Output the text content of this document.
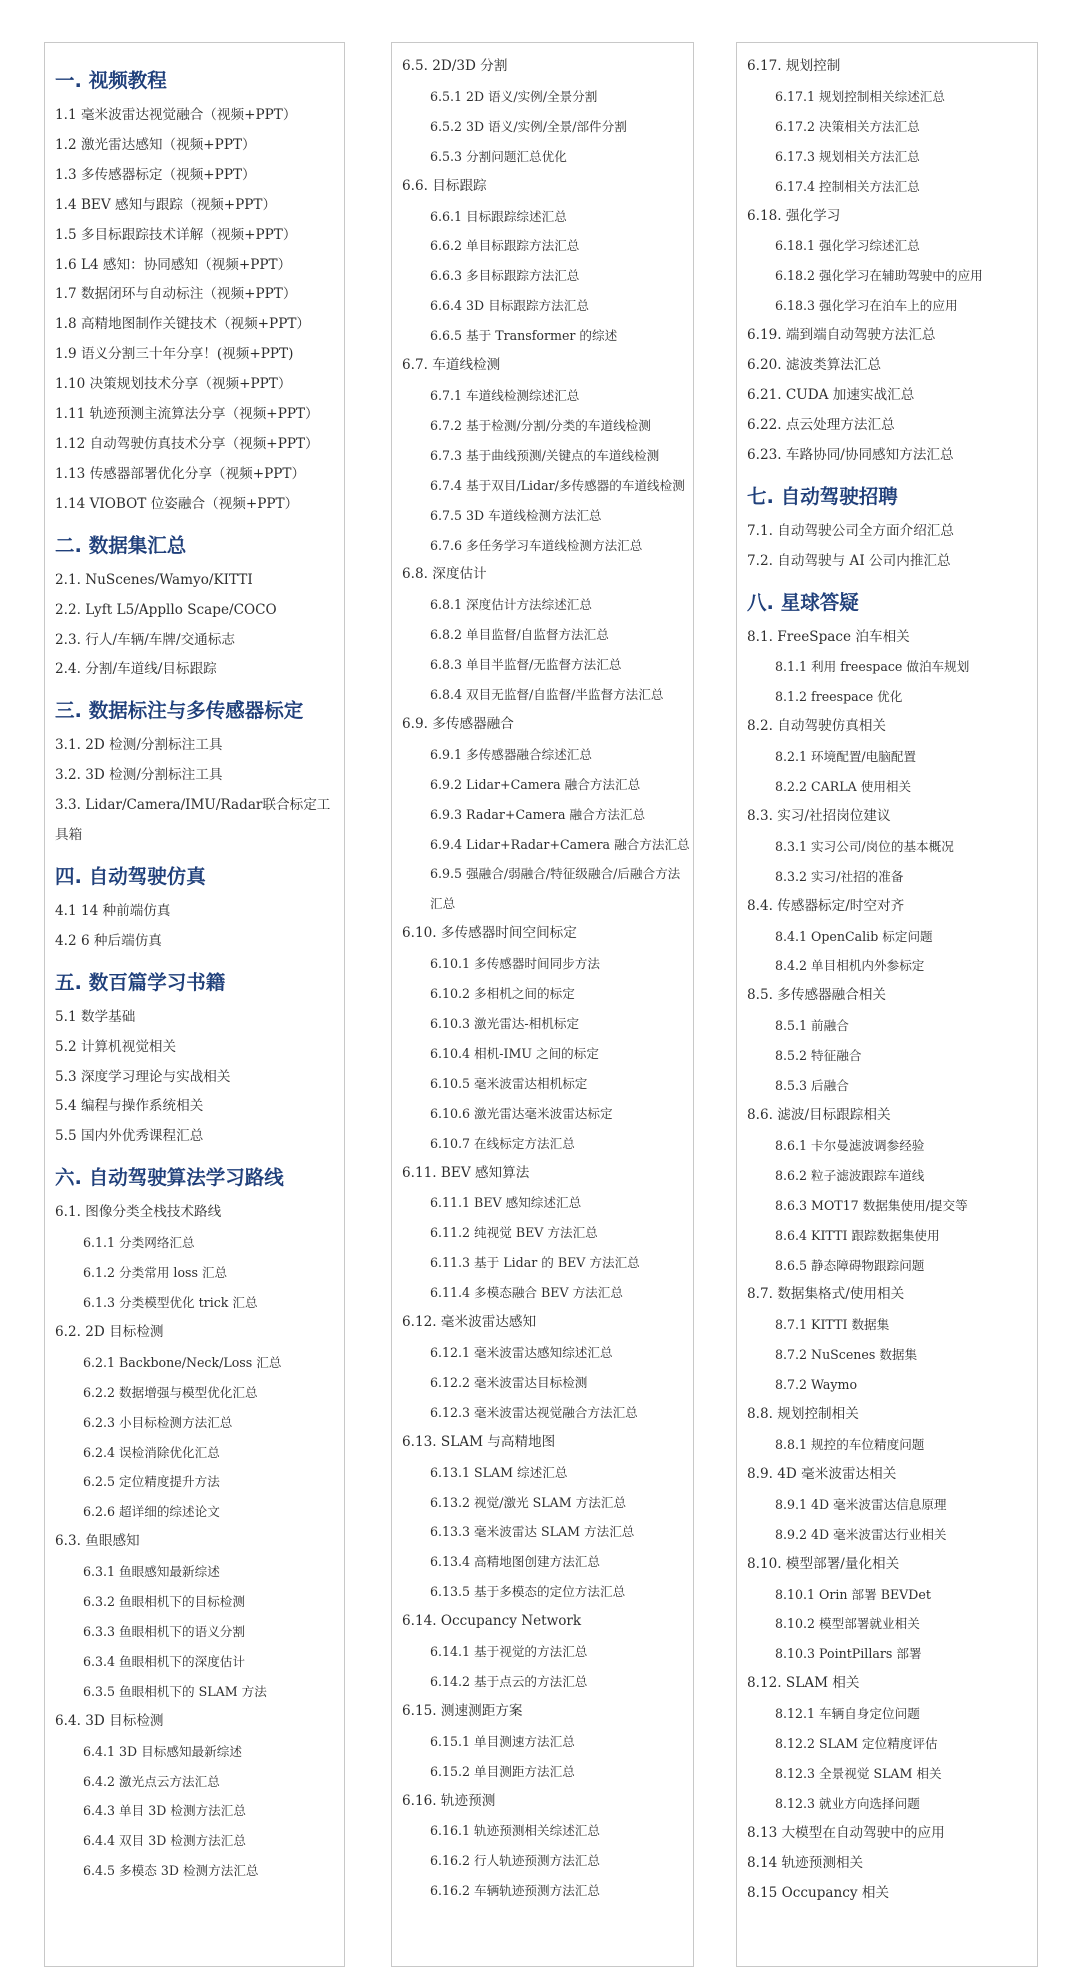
一. 视频教程
1.1 毫米波雷达视觉融合（视频+PPT）
1.2 激光雷达感知（视频+PPT）
1.3 多传感器标定（视频+PPT）
1.4 BEV 感知与跟踪（视频+PPT）
1.5 多目标跟踪技术详解（视频+PPT）
1.6 L4 感知：协同感知（视频+PPT）
1.7 数据闭环与自动标注（视频+PPT）
1.8 高精地图制作关键技术（视频+PPT）
1.9 语义分割三十年分享！(视频+PPT)
1.10 决策规划技术分享（视频+PPT）
1.11 轨迹预测主流算法分享（视频+PPT）
1.12 自动驾驶仿真技术分享（视频+PPT）
1.13 传感器部署优化分享（视频+PPT）
1.14 VIOBOT 位姿融合（视频+PPT）
二. 数据集汇总
2.1. NuScenes/Wamyo/KITTI
2.2. Lyft L5/Appllo Scape/COCO
2.3. 行人/车辆/车牌/交通标志
2.4. 分割/车道线/目标跟踪
三. 数据标注与多传感器标定
3.1. 2D 检测/分割标注工具
3.2. 3D 检测/分割标注工具
3.3. Lidar/Camera/IMU/Radar联合标定工具箱
四. 自动驾驶仿真
4.1 14 种前端仿真
4.2 6 种后端仿真
五. 数百篇学习书籍
5.1 数学基础
5.2 计算机视觉相关
5.3 深度学习理论与实战相关
5.4 编程与操作系统相关
5.5 国内外优秀课程汇总
六. 自动驾驶算法学习路线
6.1. 图像分类全栈技术路线
6.1.1 分类网络汇总
6.1.2 分类常用 loss 汇总
6.1.3 分类模型优化 trick 汇总
6.2. 2D 目标检测
6.2.1 Backbone/Neck/Loss 汇总
6.2.2 数据增强与模型优化汇总
6.2.3 小目标检测方法汇总
6.2.4 误检消除优化汇总
6.2.5 定位精度提升方法
6.2.6 超详细的综述论文
6.3. 鱼眼感知
6.3.1 鱼眼感知最新综述
6.3.2 鱼眼相机下的目标检测
6.3.3 鱼眼相机下的语义分割
6.3.4 鱼眼相机下的深度估计
6.3.5 鱼眼相机下的 SLAM 方法
6.4. 3D 目标检测
6.4.1 3D 目标感知最新综述
6.4.2 激光点云方法汇总
6.4.3 单目 3D 检测方法汇总
6.4.4 双目 3D 检测方法汇总
6.4.5 多模态 3D 检测方法汇总
6.5. 2D/3D 分割
6.5.1 2D 语义/实例/全景分割
6.5.2 3D 语义/实例/全景/部件分割
6.5.3 分割问题汇总优化
6.6. 目标跟踪
6.6.1 目标跟踪综述汇总
6.6.2 单目标跟踪方法汇总
6.6.3 多目标跟踪方法汇总
6.6.4 3D 目标跟踪方法汇总
6.6.5 基于 Transformer 的综述
6.7. 车道线检测
6.7.1 车道线检测综述汇总
6.7.2 基于检测/分割/分类的车道线检测
6.7.3 基于曲线预测/关键点的车道线检测
6.7.4 基于双目/Lidar/多传感器的车道线检测
6.7.5 3D 车道线检测方法汇总
6.7.6 多任务学习车道线检测方法汇总
6.8. 深度估计
6.8.1 深度估计方法综述汇总
6.8.2 单目监督/自监督方法汇总
6.8.3 单目半监督/无监督方法汇总
6.8.4 双目无监督/自监督/半监督方法汇总
6.9. 多传感器融合
6.9.1 多传感器融合综述汇总
6.9.2 Lidar+Camera 融合方法汇总
6.9.3 Radar+Camera 融合方法汇总
6.9.4 Lidar+Radar+Camera 融合方法汇总
6.9.5 强融合/弱融合/特征级融合/后融合方法汇总
6.10. 多传感器时间空间标定
6.10.1 多传感器时间同步方法
6.10.2 多相机之间的标定
6.10.3 激光雷达-相机标定
6.10.4 相机-IMU 之间的标定
6.10.5 毫米波雷达相机标定
6.10.6 激光雷达毫米波雷达标定
6.10.7 在线标定方法汇总
6.11. BEV 感知算法
6.11.1 BEV 感知综述汇总
6.11.2 纯视觉 BEV 方法汇总
6.11.3 基于 Lidar 的 BEV 方法汇总
6.11.4 多模态融合 BEV 方法汇总
6.12. 毫米波雷达感知
6.12.1 毫米波雷达感知综述汇总
6.12.2 毫米波雷达目标检测
6.12.3 毫米波雷达视觉融合方法汇总
6.13. SLAM 与高精地图
6.13.1 SLAM 综述汇总
6.13.2 视觉/激光 SLAM 方法汇总
6.13.3 毫米波雷达 SLAM 方法汇总
6.13.4 高精地图创建方法汇总
6.13.5 基于多模态的定位方法汇总
6.14. Occupancy Network
6.14.1 基于视觉的方法汇总
6.14.2 基于点云的方法汇总
6.15. 测速测距方案
6.15.1 单目测速方法汇总
6.15.2 单目测距方法汇总
6.16. 轨迹预测
6.16.1 轨迹预测相关综述汇总
6.16.2 行人轨迹预测方法汇总
6.16.2 车辆轨迹预测方法汇总
6.17. 规划控制
6.17.1 规划控制相关综述汇总
6.17.2 决策相关方法汇总
6.17.3 规划相关方法汇总
6.17.4 控制相关方法汇总
6.18. 强化学习
6.18.1 强化学习综述汇总
6.18.2 强化学习在辅助驾驶中的应用
6.18.3 强化学习在泊车上的应用
6.19. 端到端自动驾驶方法汇总
6.20. 滤波类算法汇总
6.21. CUDA 加速实战汇总
6.22. 点云处理方法汇总
6.23. 车路协同/协同感知方法汇总
七. 自动驾驶招聘
7.1. 自动驾驶公司全方面介绍汇总
7.2. 自动驾驶与 AI 公司内推汇总
八. 星球答疑
8.1. FreeSpace 泊车相关
8.1.1 利用 freespace 做泊车规划
8.1.2 freespace 优化
8.2. 自动驾驶仿真相关
8.2.1 环境配置/电脑配置
8.2.2 CARLA 使用相关
8.3. 实习/社招岗位建议
8.3.1 实习公司/岗位的基本概况
8.3.2 实习/社招的准备
8.4. 传感器标定/时空对齐
8.4.1 OpenCalib 标定问题
8.4.2 单目相机内外参标定
8.5. 多传感器融合相关
8.5.1 前融合
8.5.2 特征融合
8.5.3 后融合
8.6. 滤波/目标跟踪相关
8.6.1 卡尔曼滤波调参经验
8.6.2 粒子滤波跟踪车道线
8.6.3 MOT17 数据集使用/提交等
8.6.4 KITTI 跟踪数据集使用
8.6.5 静态障碍物跟踪问题
8.7. 数据集格式/使用相关
8.7.1 KITTI 数据集
8.7.2 NuScenes 数据集
8.7.2 Waymo
8.8. 规划控制相关
8.8.1 规控的车位精度问题
8.9. 4D 毫米波雷达相关
8.9.1 4D 毫米波雷达信息原理
8.9.2 4D 毫米波雷达行业相关
8.10. 模型部署/量化相关
8.10.1 Orin 部署 BEVDet
8.10.2 模型部署就业相关
8.10.3 PointPillars 部署
8.12. SLAM 相关
8.12.1 车辆自身定位问题
8.12.2 SLAM 定位精度评估
8.12.3 全景视觉 SLAM 相关
8.12.3 就业方向选择问题
8.13 大模型在自动驾驶中的应用
8.14 轨迹预测相关
8.15 Occupancy 相关
